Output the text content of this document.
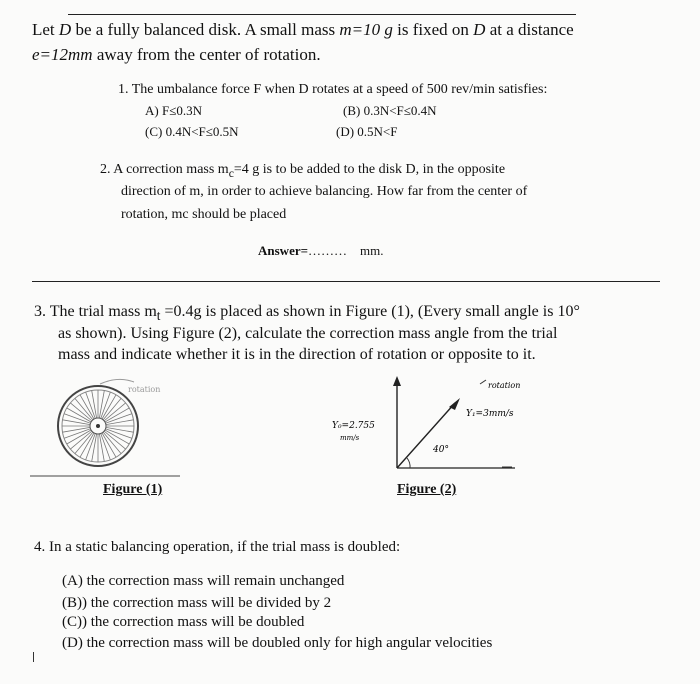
Let D be a fully balanced disk. A small mass m=10 g is fixed on D at a distance
e=12mm away from the center of rotation.
1. The umbalance force F when D rotates at a speed of 500 rev/min satisfies:
A) F≤0.3N	(B) 0.3N<F≤0.4N
(C) 0.4N<F≤0.5N	(D) 0.5N<F
2. A correction mass $m_c=4$ g is to be added to the disk D, in the opposite
direction of m, in order to achieve balancing. How far from the center of
rotation, mc should be placed
Answer=……… mm.
3. The trial mass $m_t =0.4g$ is placed as shown in Figure (1), (Every small angle is 10°
as shown). Using Figure (2), calculate the correction mass angle from the trial
mass and indicate whether it is in the direction of rotation or opposite to it.
rotation
Figure (1)
40°
Y₀=2.755
mm/s
Y₁=3mm/s
rotation
Figure (2)
4. In a static balancing operation, if the trial mass is doubled:
(A) the correction mass will remain unchanged
(B)) the correction mass will be divided by 2
(C)) the correction mass will be doubled
(D) the correction mass will be doubled only for high angular velocities
